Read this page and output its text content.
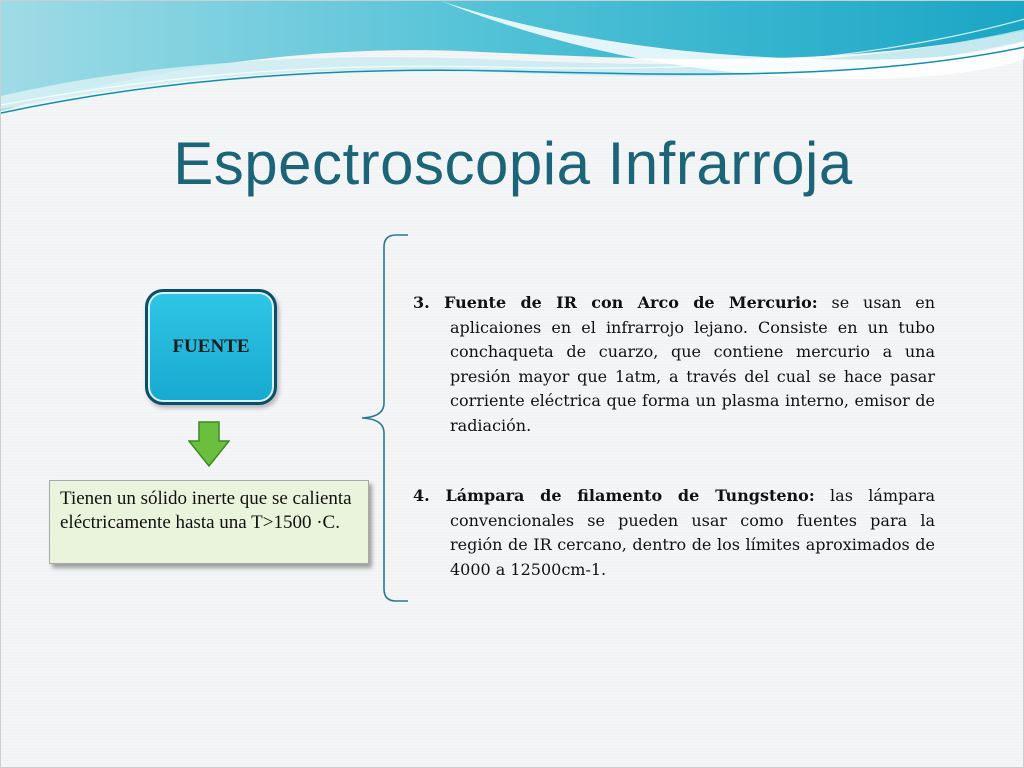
Espectroscopia Infrarroja
FUENTE
Tienen un sólido inerte que se calienta eléctricamente hasta una T>1500 ·C.
3. Fuente de IR con Arco de Mercurio: se usan en aplicaiones en el infrarrojo lejano. Consiste en un tubo conchaqueta de cuarzo, que contiene mercurio a una presión mayor que 1atm, a través del cual se hace pasar corriente eléctrica que forma un plasma interno, emisor de radiación.
4. Lámpara de filamento de Tungsteno: las lámpara convencionales se pueden usar como fuentes para la región de IR cercano, dentro de los límites aproximados de 4000 a 12500cm-1.
